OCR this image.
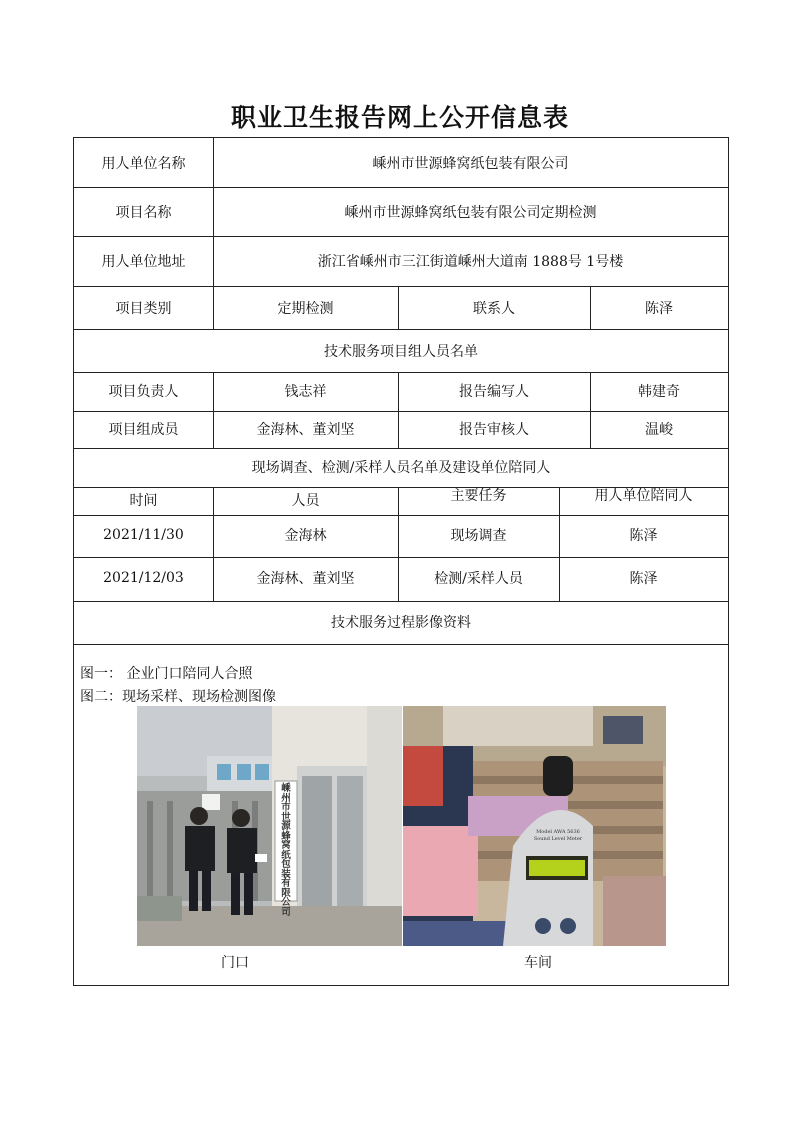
职业卫生报告网上公开信息表
用人单位名称	嵊州市世源蜂窝纸包装有限公司
项目名称	嵊州市世源蜂窝纸包装有限公司定期检测
用人单位地址	浙江省嵊州市三江街道嵊州大道南 1888号 1号楼
项目类别	定期检测	联系人	陈泽
技术服务项目组人员名单
项目负责人	钱志祥	报告编写人	韩建奇
项目组成员	金海林、董刘坚	报告审核人	温峻
现场调查、检测/采样人员名单及建设单位陪同人
时间	人员	主要任务	用人单位陪同人
2021/11/30	金海林	现场调查	陈泽
2021/12/03	金海林、董刘坚	检测/采样人员	陈泽
技术服务过程影像资料
图一： 企业门口陪同人合照
图二：现场采样、现场检测图像
嵊州市世源蜂窝纸包装有限公司
Model AWA 5636
Sound Level Meter
门口	车间
